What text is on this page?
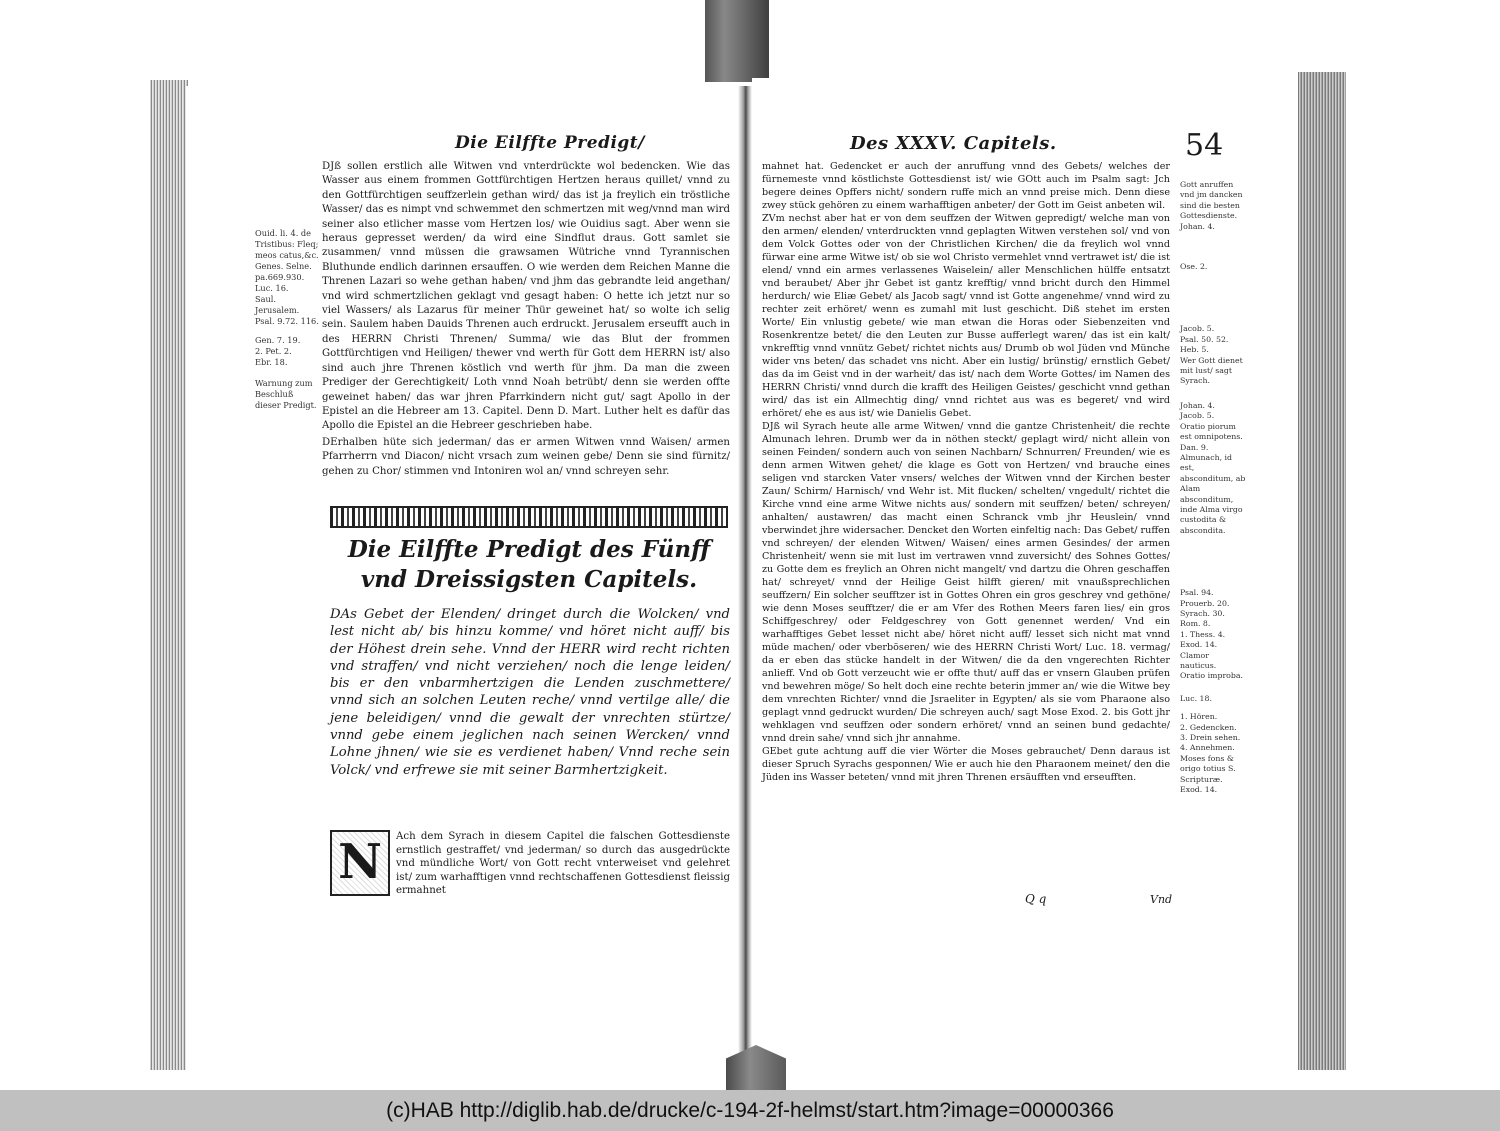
Die Eilffte Predigt/

DJß sollen erstlich alle Witwen vnd vnterdrückte wol bedencken. Wie das Wasser aus einem frommen Gottfürchtigen Hertzen heraus quillet/ vnnd zu den Gottfürchtigen seuffzerlein gethan wird/ das ist ja freylich ein tröstliche Wasser/ das es nimpt vnd schwemmet den schmertzen mit weg/vnnd man wird seiner also etlicher masse vom Hertzen los/ wie Ouidius sagt. Aber wenn sie heraus gepresset werden/ da wird eine Sindflut draus. Gott samlet sie zusammen/ vnnd müssen die grawsamen Wütriche vnnd Tyrannischen Bluthunde endlich darinnen ersauffen. O wie werden dem Reichen Manne die Threnen Lazari so wehe gethan haben/ vnd jhm das gebrandte leid angethan/ vnd wird schmertzlichen geklagt vnd gesagt haben: O hette ich jetzt nur so viel Wassers/ als Lazarus für meiner Thür geweinet hat/ so wolte ich selig sein. Saulem haben Dauids Threnen auch erdruckt. Jerusalem erseufft auch in des HERRN Christi Threnen/ Summa/ wie das Blut der frommen Gottfürchtigen vnd Heiligen/ thewer vnd werth für Gott dem HERRN ist/ also sind auch jhre Threnen köstlich vnd werth für jhm. Da man die zween Prediger der Gerechtigkeit/ Loth vnnd Noah betrübt/ denn sie werden offte geweinet haben/ das war jhren Pfarrkindern nicht gut/ sagt Apollo in der Epistel an die Hebreer am 13. Capitel. Denn D. Mart. Luther helt es dafür das Apollo die Epistel an die Hebreer geschrieben habe.

DErhalben hüte sich jederman/ das er armen Witwen vnnd Waisen/ armen Pfarrherrn vnd Diacon/ nicht vrsach zum weinen gebe/ Denn sie sind fürnitz/ gehen zu Chor/ stimmen vnd Intoniren wol an/ vnnd schreyen sehr.

Ouid. li. 4. de Tristibus: Fleq; meos catus,&c.
Genes. Selne. pa.669.930.
Luc. 16.
Saul.
Jerusalem. Psal. 9.72. 116.
Gen. 7. 19.
2. Pet. 2.
Ebr. 18.
Warnung zum Beschluß dieser Predigt.
Die Eilffte Predigt des Fünff vnd Dreissigsten Capitels.
DAs Gebet der Elenden/ dringet durch die Wolcken/ vnd lest nicht ab/ bis hinzu komme/ vnd höret nicht auff/ bis der Höhest drein sehe. Vnnd der HERR wird recht richten vnd straffen/ vnd nicht verziehen/ noch die lenge leiden/ bis er den vnbarmhertzigen die Lenden zuschmettere/ vnnd sich an solchen Leuten reche/ vnnd vertilge alle/ die jene beleidigen/ vnnd die gewalt der vnrechten stürtze/ vnnd gebe einem jeglichen nach seinen Wercken/ vnnd Lohne jhnen/ wie sie es verdienet haben/ Vnnd reche sein Volck/ vnd erfrewe sie mit seiner Barmhertzigkeit.
N	Ach dem Syrach in diesem Capitel die falschen Gottesdienste ernstlich gestraffet/ vnd jederman/ so durch das ausgedrückte vnd mündliche Wort/ von Gott recht vnterweiset vnd gelehret ist/ zum warhafftigen vnnd rechtschaffenen Gottesdienst fleissig ermahnet
Des XXXV. Capitels.	54

mahnet hat. Gedencket er auch der anruffung vnnd des Gebets/ welches der fürnemeste vnnd köstlichste Gottesdienst ist/ wie GOtt auch im Psalm sagt: Jch begere deines Opffers nicht/ sondern ruffe mich an vnnd preise mich. Denn diese zwey stück gehören zu einem warhafftigen anbeter/ der Gott im Geist anbeten wil.

ZVm nechst aber hat er von dem seuffzen der Witwen gepredigt/ welche man von den armen/ elenden/ vnterdruckten vnnd geplagten Witwen verstehen sol/ vnd von dem Volck Gottes oder von der Christlichen Kirchen/ die da freylich wol vnnd fürwar eine arme Witwe ist/ ob sie wol Christo vermehlet vnnd vertrawet ist/ die ist elend/ vnnd ein armes verlassenes Waiselein/ aller Menschlichen hülffe entsatzt vnd beraubet/ Aber jhr Gebet ist gantz krefftig/ vnnd bricht durch den Himmel herdurch/ wie Eliæ Gebet/ als Jacob sagt/ vnnd ist Gotte angenehme/ vnnd wird zu rechter zeit erhöret/ wenn es zumahl mit lust geschicht. Diß stehet im ersten Worte/ Ein vnlustig gebete/ wie man etwan die Horas oder Siebenzeiten vnd Rosenkrentze betet/ die den Leuten zur Busse aufferlegt waren/ das ist ein kalt/ vnkrefftig vnnd vnnütz Gebet/ richtet nichts aus/ Drumb ob wol Jüden vnd Münche wider vns beten/ das schadet vns nicht. Aber ein lustig/ brünstig/ ernstlich Gebet/ das da im Geist vnd in der warheit/ das ist/ nach dem Worte Gottes/ im Namen des HERRN Christi/ vnnd durch die krafft des Heiligen Geistes/ geschicht vnnd gethan wird/ das ist ein Allmechtig ding/ vnnd richtet aus was es begeret/ vnd wird erhöret/ ehe es aus ist/ wie Danielis Gebet.

DJß wil Syrach heute alle arme Witwen/ vnnd die gantze Christenheit/ die rechte Almunach lehren. Drumb wer da in nöthen steckt/ geplagt wird/ nicht allein von seinen Feinden/ sondern auch von seinen Nachbarn/ Schnurren/ Freunden/ wie es denn armen Witwen gehet/ die klage es Gott von Hertzen/ vnd brauche eines seligen vnd starcken Vater vnsers/ welches der Witwen vnnd der Kirchen bester Zaun/ Schirm/ Harnisch/ vnd Wehr ist. Mit flucken/ schelten/ vngedult/ richtet die Kirche vnnd eine arme Witwe nichts aus/ sondern mit seuffzen/ beten/ schreyen/ anhalten/ austawren/ das macht einen Schranck vmb jhr Heuslein/ vnnd vberwindet jhre widersacher. Dencket den Worten einfeltig nach: Das Gebet/ ruffen vnd schreyen/ der elenden Witwen/ Waisen/ eines armen Gesindes/ der armen Christenheit/ wenn sie mit lust im vertrawen vnnd zuversicht/ des Sohnes Gottes/ zu Gotte dem es freylich an Ohren nicht mangelt/ vnd dartzu die Ohren geschaffen hat/ schreyet/ vnnd der Heilige Geist hilfft gieren/ mit vnaußsprechlichen seuffzern/ Ein solcher seufftzer ist in Gottes Ohren ein gros geschrey vnd gethöne/ wie denn Moses seufftzer/ die er am Vfer des Rothen Meers faren lies/ ein gros Schiffgeschrey/ oder Feldgeschrey von Gott genennet werden/ Vnd ein warhafftiges Gebet lesset nicht abe/ höret nicht auff/ lesset sich nicht mat vnnd müde machen/ oder vberböseren/ wie des HERRN Christi Wort/ Luc. 18. vermag/ da er eben das stücke handelt in der Witwen/ die da den vngerechten Richter anlieff. Vnd ob Gott verzeucht wie er offte thut/ auff das er vnsern Glauben prüfen vnd bewehren möge/ So helt doch eine rechte beterin jmmer an/ wie die Witwe bey dem vnrechten Richter/ vnnd die Jsraeliter in Egypten/ als sie vom Pharaone also geplagt vnnd gedruckt wurden/ Die schreyen auch/ sagt Mose Exod. 2. bis Gott jhr wehklagen vnd seuffzen oder sondern erhöret/ vnnd an seinen bund gedachte/ vnnd drein sahe/ vnnd sich jhr annahme.

GEbet gute achtung auff die vier Wörter die Moses gebrauchet/ Denn daraus ist dieser Spruch Syrachs gesponnen/ Wie er auch hie den Pharaonem meinet/ den die Jüden ins Wasser beteten/ vnnd mit jhren Threnen ersäufften vnd erseufften.

Gott anruffen vnd jm dancken sind die besten Gottesdienste. Johan. 4.
Ose. 2.
Jacob. 5.
Psal. 50. 52.
Heb. 5.
Wer Gott dienet mit lust/ sagt Syrach.
Johan. 4.
Jacob. 5.
Oratio piorum est omnipotens.
Dan. 9.
Almunach, id est, absconditum, ab Alam absconditum, inde Alma virgo custodita & abscondita.
Psal. 94.
Prouerb. 20.
Syrach. 30.
Rom. 8.
1. Thess. 4.
Exod. 14.
Clamor nauticus.
Oratio improba.
Luc. 18.
1. Hören.
2. Gedencken.
3. Drein sehen.
4. Annehmen.
Moses fons & origo totius S. Scripturæ.
Exod. 14.
Q q	Vnd
(c)HAB http://diglib.hab.de/drucke/c-194-2f-helmst/start.htm?image=00000366
